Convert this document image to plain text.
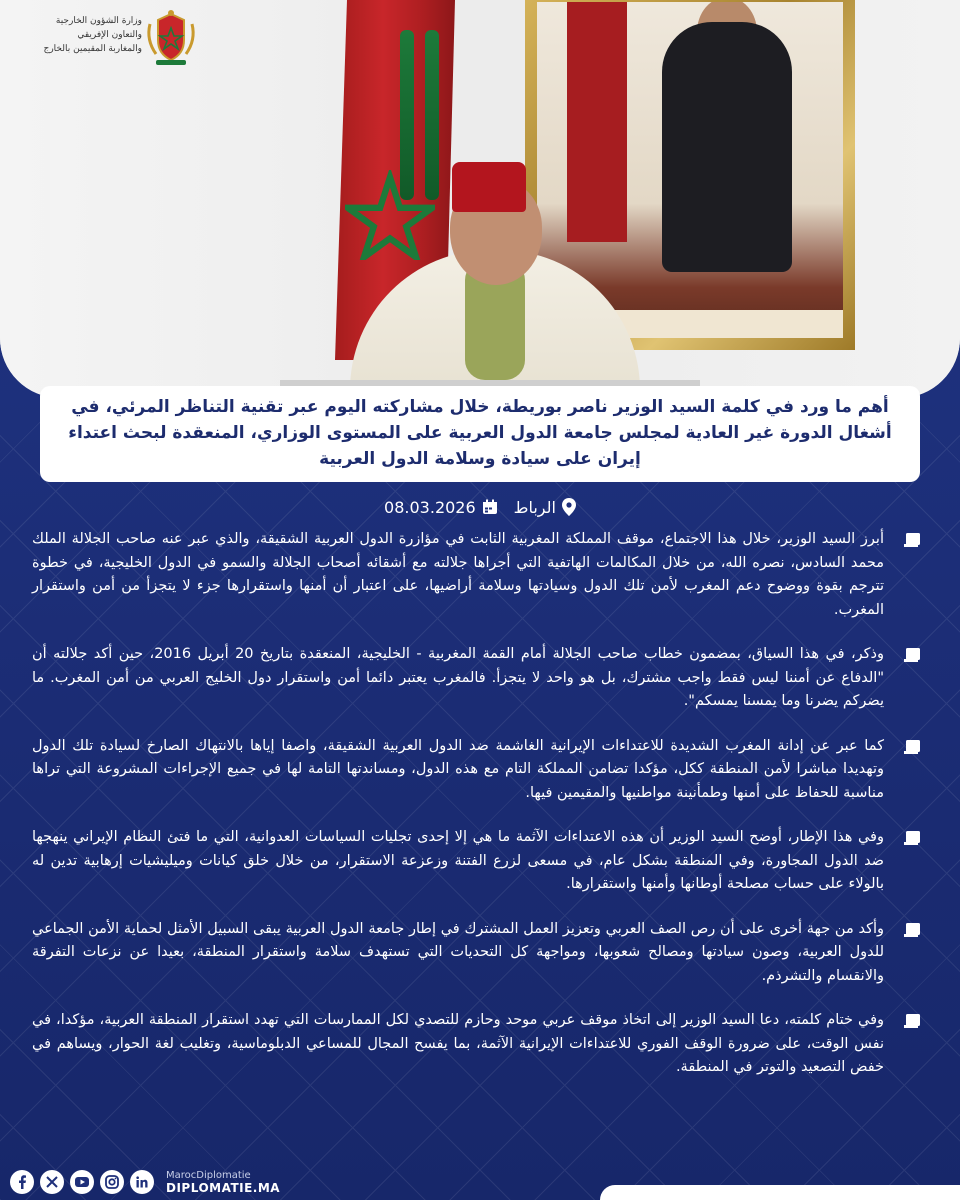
وزارة الشؤون الخارجية
والتعاون الإفريقي
والمغاربة المقيمين بالخارج
أهم ما ورد في كلمة السيد الوزير ناصر بوريطة، خلال مشاركته اليوم عبر تقنية التناظر المرئي، في أشغال الدورة غير العادية لمجلس جامعة الدول العربية على المستوى الوزاري، المنعقدة لبحث اعتداء إيران على سيادة وسلامة الدول العربية
08.03.2026 الرباط

أبرز السيد الوزير، خلال هذا الاجتماع، موقف المملكة المغربية الثابت في مؤازرة الدول العربية الشقيقة، والذي عبر عنه صاحب الجلالة الملك محمد السادس، نصره الله، من خلال المكالمات الهاتفية التي أجراها جلالته مع أشقائه أصحاب الجلالة والسمو في الدول الخليجية، في خطوة تترجم بقوة ووضوح دعم المغرب لأمن تلك الدول وسيادتها وسلامة أراضيها، على اعتبار أن أمنها واستقرارها جزء لا يتجزأ من أمن واستقرار المغرب.

وذكر، في هذا السياق، بمضمون خطاب صاحب الجلالة أمام القمة المغربية - الخليجية، المنعقدة بتاريخ 20 أبريل 2016، حين أكد جلالته أن "الدفاع عن أمننا ليس فقط واجب مشترك، بل هو واحد لا يتجزأ. فالمغرب يعتبر دائما أمن واستقرار دول الخليج العربي من أمن المغرب. ما يضركم يضرنا وما يمسنا يمسكم".

كما عبر عن إدانة المغرب الشديدة للاعتداءات الإيرانية الغاشمة ضد الدول العربية الشقيقة، واصفا إياها بالانتهاك الصارخ لسيادة تلك الدول وتهديدا مباشرا لأمن المنطقة ككل، مؤكدا تضامن المملكة التام مع هذه الدول، ومساندتها التامة لها في جميع الإجراءات المشروعة التي تراها مناسبة للحفاظ على أمنها وطمأنينة مواطنيها والمقيمين فيها.

وفي هذا الإطار، أوضح السيد الوزير أن هذه الاعتداءات الآثمة ما هي إلا إحدى تجليات السياسات العدوانية، التي ما فتئ النظام الإيراني ينهجها ضد الدول المجاورة، وفي المنطقة بشكل عام، في مسعى لزرع الفتنة وزعزعة الاستقرار، من خلال خلق كيانات وميليشيات إرهابية تدين له بالولاء على حساب مصلحة أوطانها وأمنها واستقرارها.

وأكد من جهة أخرى على أن رص الصف العربي وتعزيز العمل المشترك في إطار جامعة الدول العربية يبقى السبيل الأمثل لحماية الأمن الجماعي للدول العربية، وصون سيادتها ومصالح شعوبها، ومواجهة كل التحديات التي تستهدف سلامة واستقرار المنطقة، بعيدا عن نزعات التفرقة والانقسام والتشرذم.

وفي ختام كلمته، دعا السيد الوزير إلى اتخاذ موقف عربي موحد وحازم للتصدي لكل الممارسات التي تهدد استقرار المنطقة العربية، مؤكدا، في نفس الوقت، على ضرورة الوقف الفوري للاعتداءات الإيرانية الآثمة، بما يفسح المجال للمساعي الدبلوماسية، وتغليب لغة الحوار، ويساهم في خفض التصعيد والتوتر في المنطقة.

MarocDiplomatie
DIPLOMATIE.MA
